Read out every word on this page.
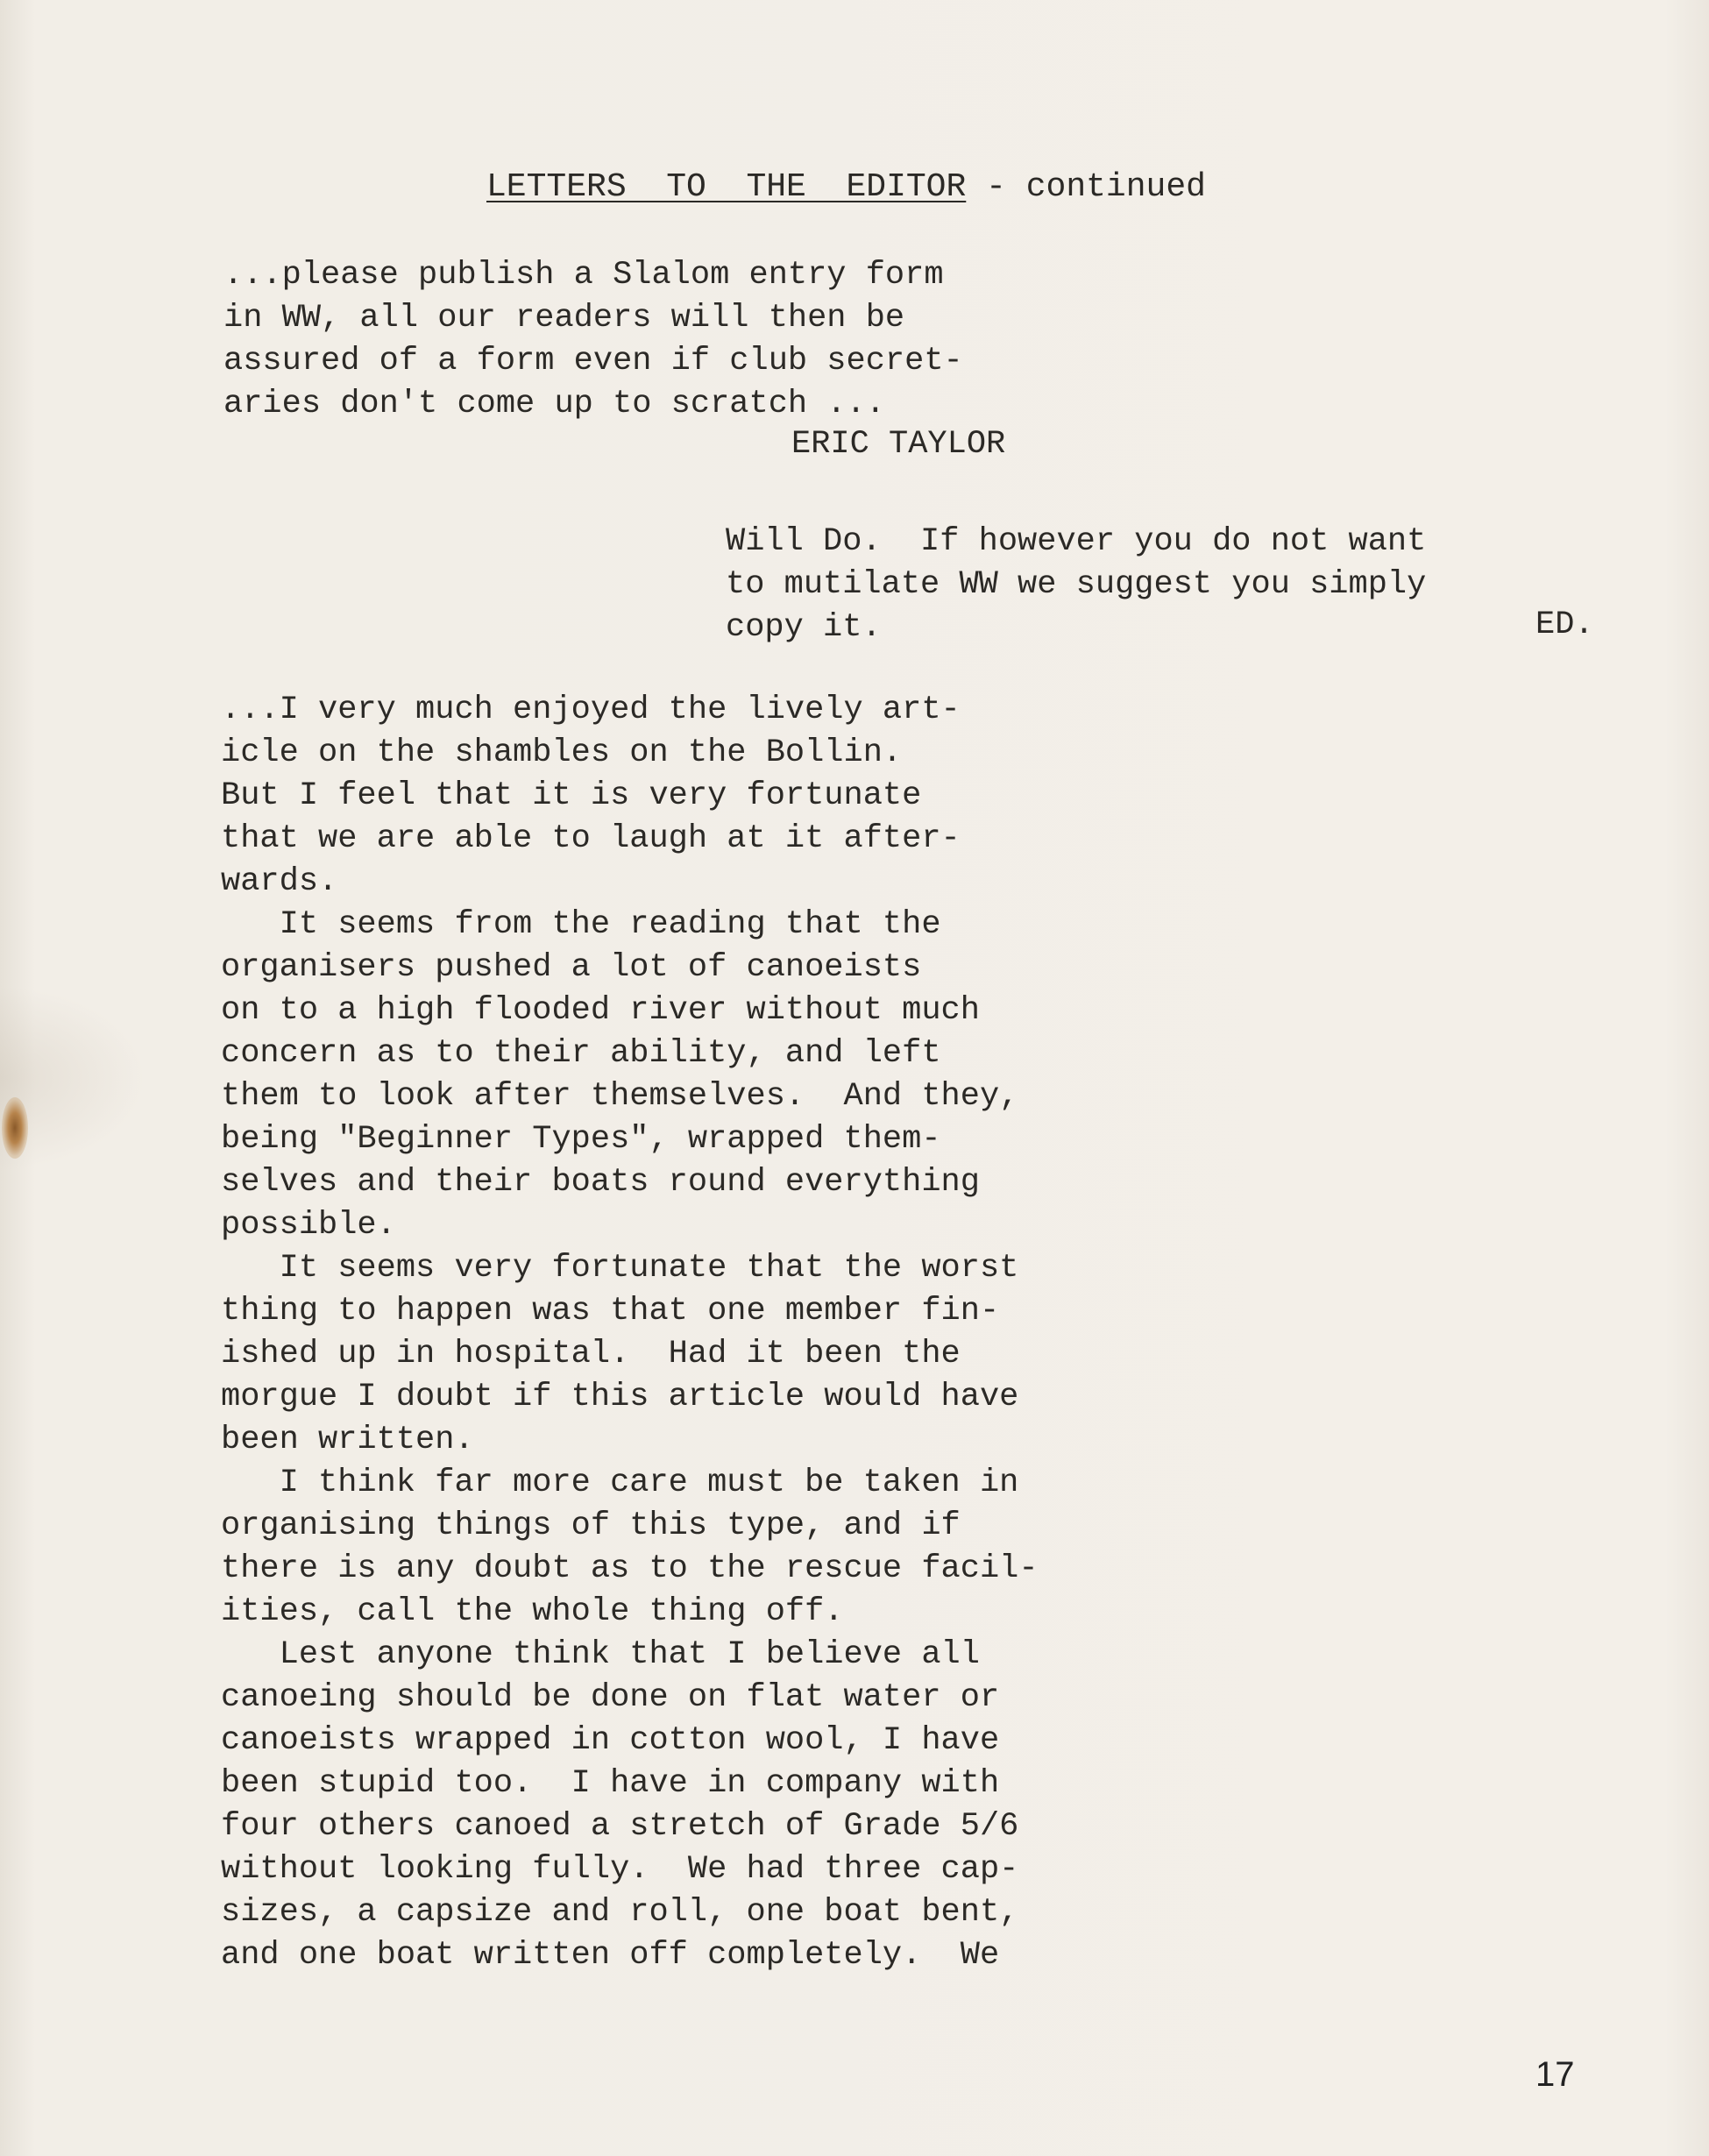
LETTERS  TO  THE  EDITOR - continued
...please publish a Slalom entry form
in WW, all our readers will then be
assured of a form even if club secret-
aries don't come up to scratch ...
ERIC TAYLOR
Will Do.  If however you do not want
to mutilate WW we suggest you simply
copy it.	ED.
...I very much enjoyed the lively art-
icle on the shambles on the Bollin.
But I feel that it is very fortunate
that we are able to laugh at it after-
wards.
It seems from the reading that the
organisers pushed a lot of canoeists
on to a high flooded river without much
concern as to their ability, and left
them to look after themselves.  And they,
being "Beginner Types", wrapped them-
selves and their boats round everything
possible.
It seems very fortunate that the worst
thing to happen was that one member fin-
ished up in hospital.  Had it been the
morgue I doubt if this article would have
been written.
I think far more care must be taken in
organising things of this type, and if
there is any doubt as to the rescue facil-
ities, call the whole thing off.
Lest anyone think that I believe all
canoeing should be done on flat water or
canoeists wrapped in cotton wool, I have
been stupid too.  I have in company with
four others canoed a stretch of Grade 5/6
without looking fully.  We had three cap-
sizes, a capsize and roll, one boat bent,
and one boat written off completely.  We
17
